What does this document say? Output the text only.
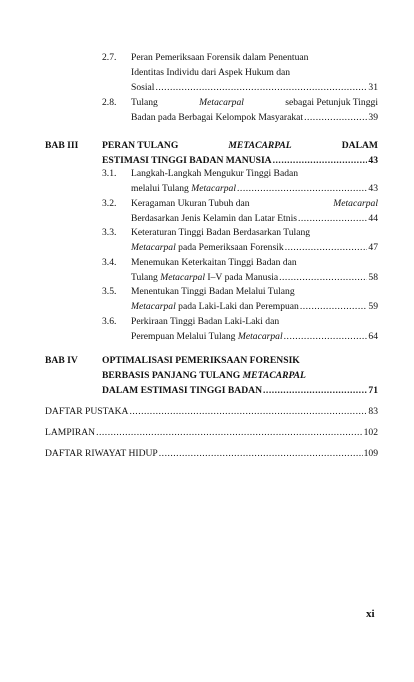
2.7. Peran Pemeriksaan Forensik dalam Penentuan
Identitas Individu dari Aspek Hukum dan
Sosial .....	31
2.8. Tulang	Metacarpal	sebagai Petunjuk Tinggi
Badan pada Berbagai Kelompok Masyarakat .....	39
BAB III PERAN TULANG	METACARPAL	DALAM
ESTIMASI TINGGI BADAN MANUSIA .....	43
3.1. Langkah-Langkah Mengukur Tinggi Badan
melalui Tulang
Metacarpal .....	43
3.2. Keragaman Ukuran Tubuh dan	Metacarpal
Berdasarkan Jenis Kelamin dan Latar Etnis .....	44
3.3. Keteraturan Tinggi Badan Berdasarkan Tulang
Metacarpal
pada Pemeriksaan Forensik .....	47
3.4. Menemukan Keterkaitan Tinggi Badan dan
Tulang
Metacarpal
I–V pada Manusia .....	58
3.5. Menentukan Tinggi Badan Melalui Tulang
Metacarpal
pada Laki-Laki dan Perempuan .....	59
3.6. Perkiraan Tinggi Badan Laki-Laki dan
Perempuan Melalui Tulang
Metacarpal .....	64
BAB IV	OPTIMALISASI PEMERIKSAAN FORENSIK
BERBASIS PANJANG TULANG
METACARPAL
DALAM ESTIMASI TINGGI BADAN .....	71
DAFTAR PUSTAKA .....	83
LAMPIRAN .....	102
DAFTAR RIWAYAT HIDUP .....	109
xi
